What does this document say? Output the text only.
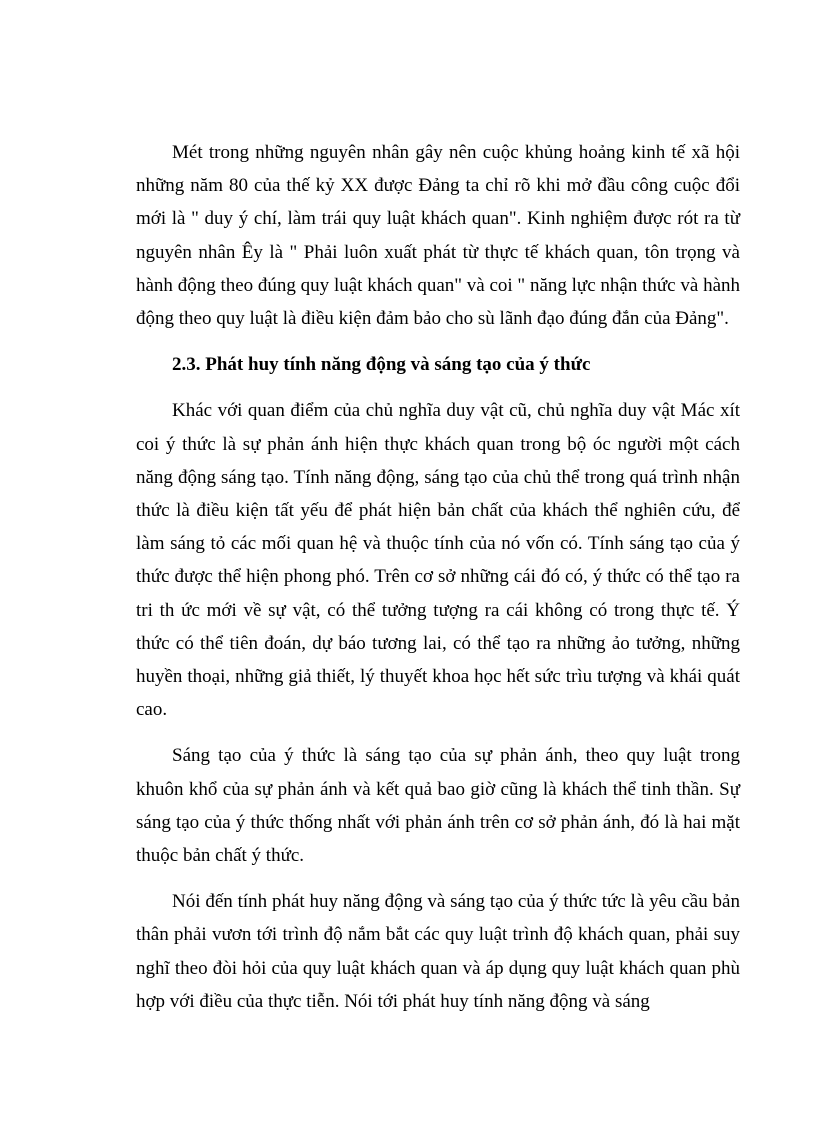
Mét trong những nguyên nhân gây nên cuộc khủng hoảng kinh tế xã hội những năm 80 của thế kỷ XX được Đảng ta chỉ rõ khi mở đầu công cuộc đổi mới là " duy ý chí, làm trái quy luật khách quan". Kinh nghiệm được rót ra từ nguyên nhân Êy là " Phải luôn xuất phát từ thực tế khách quan, tôn trọng và hành động theo đúng quy luật khách quan" và coi " năng lực nhận thức và hành động theo quy luật là điều kiện đảm bảo cho sù lãnh đạo đúng đắn của Đảng".

2.3. Phát huy tính năng động và sáng tạo của ý thức

Khác với quan điểm của chủ nghĩa duy vật cũ, chủ nghĩa duy vật Mác xít coi ý thức là sự phản ánh hiện thực khách quan trong bộ óc người một cách năng động sáng tạo. Tính năng động, sáng tạo của chủ thể trong quá trình nhận thức là điều kiện tất yếu để phát hiện bản chất của khách thể nghiên cứu, để làm sáng tỏ các mối quan hệ và thuộc tính của nó vốn có. Tính sáng tạo của ý thức được thể hiện phong phó. Trên cơ sở những cái đó có, ý thức có thể tạo ra tri th ức mới về sự vật, có thể tưởng tượng ra cái không có trong thực tế. Ý thức có thể tiên đoán, dự báo tương lai, có thể tạo ra những ảo tưởng, những huyền thoại, những giả thiết, lý thuyết khoa học hết sức trìu tượng và khái quát cao.

Sáng tạo của ý thức là sáng tạo của sự phản ánh, theo quy luật trong khuôn khổ của sự phản ánh và kết quả bao giờ cũng là khách thể tinh thần. Sự sáng tạo của ý thức thống nhất với phản ánh trên cơ sở phản ánh, đó là hai mặt thuộc bản chất ý thức.

Nói đến tính phát huy năng động và sáng tạo của ý thức tức là yêu cầu bản thân phải vươn tới trình độ nắm bắt các quy luật trình độ khách quan, phải suy nghĩ theo đòi hỏi của quy luật khách quan và áp dụng quy luật khách quan phù hợp với điều của thực tiễn. Nói tới phát huy tính năng động và sáng
